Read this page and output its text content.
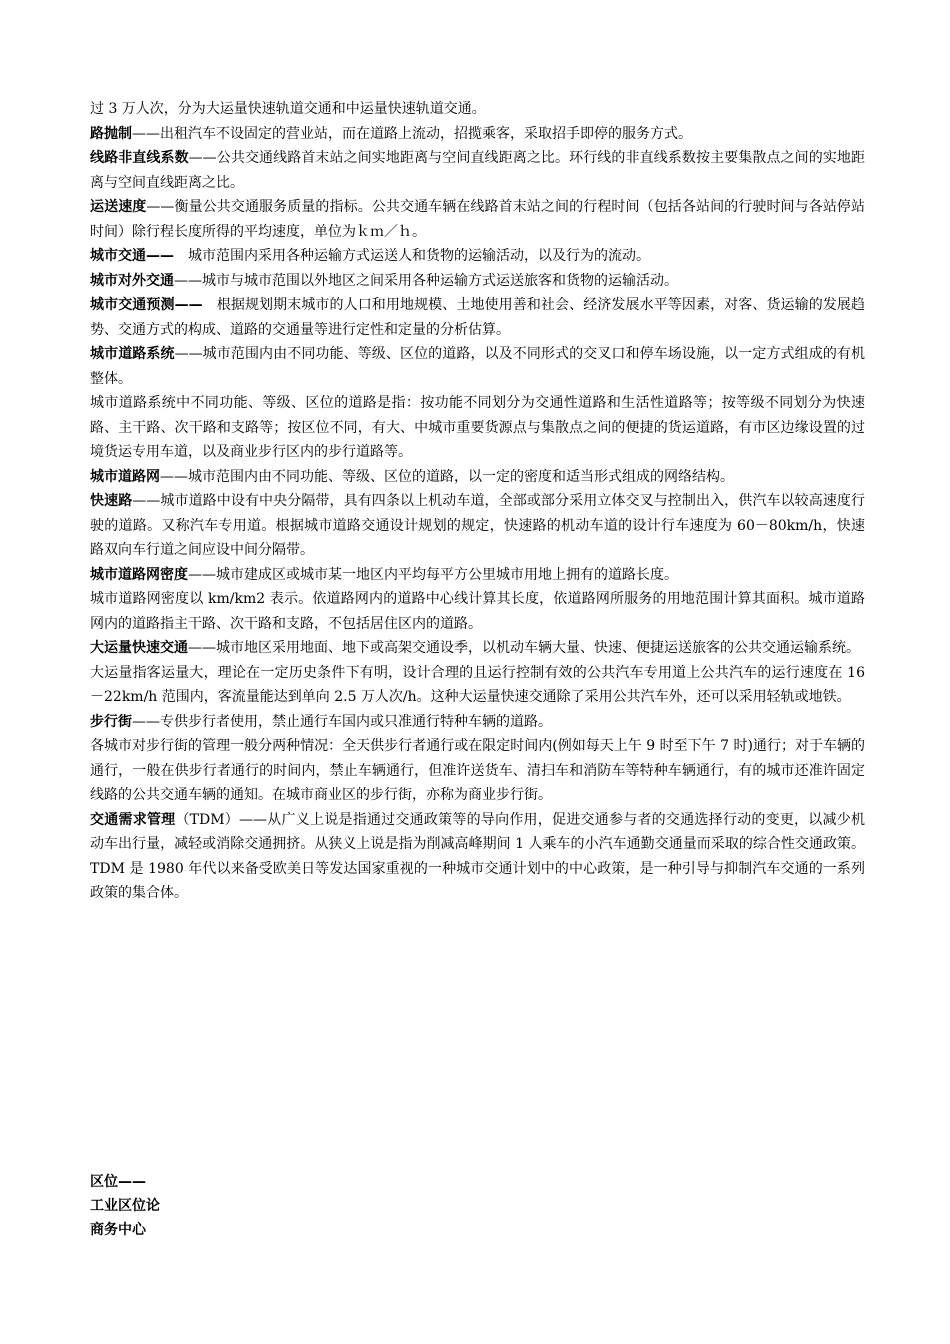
过 3 万人次，分为大运量快速轨道交通和中运量快速轨道交通。

路抛制——出租汽车不设固定的营业站，而在道路上流动，招揽乘客，采取招手即停的服务方式。

线路非直线系数——公共交通线路首末站之间实地距离与空间直线距离之比。环行线的非直线系数按主要集散点之间的实地距离与空间直线距离之比。

运送速度——衡量公共交通服务质量的指标。公共交通车辆在线路首末站之间的行程时间（包括各站间的行驶时间与各站停站时间）除行程长度所得的平均速度，单位为ｋｍ／ｈ。

城市交通——　城市范围内采用各种运输方式运送人和货物的运输活动，以及行为的流动。

城市对外交通——城市与城市范围以外地区之间采用各种运输方式运送旅客和货物的运输活动。

城市交通预测——　根据规划期末城市的人口和用地规模、土地使用善和社会、经济发展水平等因素，对客、货运输的发展趋势、交通方式的构成、道路的交通量等进行定性和定量的分析估算。

城市道路系统——城市范围内由不同功能、等级、区位的道路，以及不同形式的交叉口和停车场设施，以一定方式组成的有机整体。

城市道路系统中不同功能、等级、区位的道路是指：按功能不同划分为交通性道路和生活性道路等；按等级不同划分为快速路、主干路、次干路和支路等；按区位不同，有大、中城市重要货源点与集散点之间的便捷的货运道路，有市区边缘设置的过境货运专用车道，以及商业步行区内的步行道路等。

城市道路网——城市范围内由不同功能、等级、区位的道路，以一定的密度和适当形式组成的网络结构。

快速路——城市道路中设有中央分隔带，具有四条以上机动车道，全部或部分采用立体交叉与控制出入，供汽车以较高速度行驶的道路。又称汽车专用道。根据城市道路交通设计规划的规定，快速路的机动车道的设计行车速度为 60－80km/h，快速路双向车行道之间应设中间分隔带。

城市道路网密度——城市建成区或城市某一地区内平均每平方公里城市用地上拥有的道路长度。

城市道路网密度以 km/km2 表示。依道路网内的道路中心线计算其长度，依道路网所服务的用地范围计算其面积。城市道路网内的道路指主干路、次干路和支路，不包括居住区内的道路。

大运量快速交通——城市地区采用地面、地下或高架交通设季，以机动车辆大量、快速、便捷运送旅客的公共交通运输系统。

大运量指客运量大，理论在一定历史条件下有明，设计合理的且运行控制有效的公共汽车专用道上公共汽车的运行速度在 16－22km/h 范围内，客流量能达到单向 2.5 万人次/h。这种大运量快速交通除了采用公共汽车外，还可以采用轻轨或地铁。

步行街——专供步行者使用，禁止通行车国内或只准通行特种车辆的道路。

各城市对步行街的管理一般分两种情况：全天供步行者通行或在限定时间内(例如每天上午 9 时至下午 7 时)通行；对于车辆的通行，一般在供步行者通行的时间内，禁止车辆通行，但准许送货车、清扫车和消防车等特种车辆通行，有的城市还准许固定线路的公共交通车辆的通知。在城市商业区的步行街，亦称为商业步行街。

交通需求管理（TDM）——从广义上说是指通过交通政策等的导向作用，促进交通参与者的交通选择行动的变更，以减少机动车出行量，减轻或消除交通拥挤。从狭义上说是指为削减高峰期间 1 人乘车的小汽车通勤交通量而采取的综合性交通政策。TDM 是 1980 年代以来备受欧美日等发达国家重视的一种城市交通计划中的中心政策，是一种引导与抑制汽车交通的一系列政策的集合体。

区位——

工业区位论

商务中心
